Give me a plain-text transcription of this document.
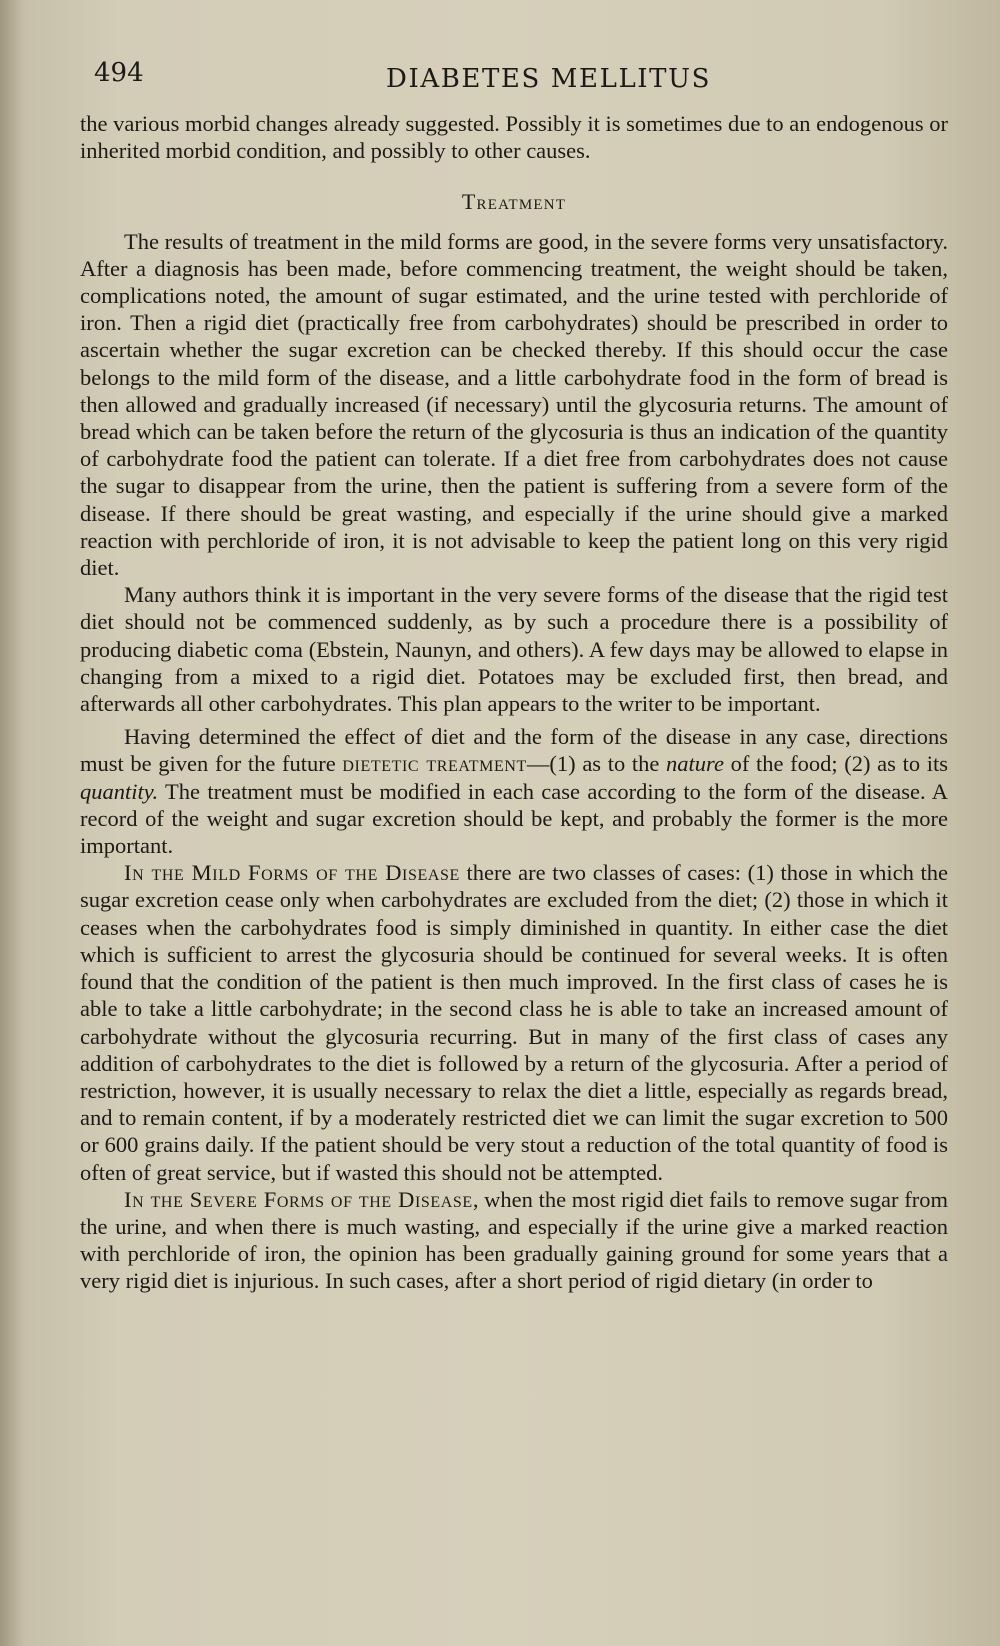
494	DIABETES MELLITUS

the various morbid changes already suggested. Possibly it is sometimes due to an endogenous or inherited morbid condition, and possibly to other causes.

Treatment

The results of treatment in the mild forms are good, in the severe forms very unsatisfactory. After a diagnosis has been made, before commencing treatment, the weight should be taken, complications noted, the amount of sugar estimated, and the urine tested with perchloride of iron. Then a rigid diet (practically free from carbohydrates) should be prescribed in order to ascertain whether the sugar excretion can be checked thereby. If this should occur the case belongs to the mild form of the disease, and a little carbohydrate food in the form of bread is then allowed and gradually increased (if necessary) until the glycosuria returns. The amount of bread which can be taken before the return of the glycosuria is thus an indication of the quantity of carbohydrate food the patient can tolerate. If a diet free from carbohydrates does not cause the sugar to disappear from the urine, then the patient is suffering from a severe form of the disease. If there should be great wasting, and especially if the urine should give a marked reaction with perchloride of iron, it is not advisable to keep the patient long on this very rigid diet.

Many authors think it is important in the very severe forms of the disease that the rigid test diet should not be commenced suddenly, as by such a procedure there is a possibility of producing diabetic coma (Ebstein, Naunyn, and others). A few days may be allowed to elapse in changing from a mixed to a rigid diet. Potatoes may be excluded first, then bread, and afterwards all other carbohydrates. This plan appears to the writer to be important.

Having determined the effect of diet and the form of the disease in any case, directions must be given for the future dietetic treatment—(1) as to the nature of the food; (2) as to its quantity. The treatment must be modified in each case according to the form of the disease. A record of the weight and sugar excretion should be kept, and probably the former is the more important.

In the Mild Forms of the Disease there are two classes of cases: (1) those in which the sugar excretion cease only when carbohydrates are excluded from the diet; (2) those in which it ceases when the carbohydrates food is simply diminished in quantity. In either case the diet which is sufficient to arrest the glycosuria should be continued for several weeks. It is often found that the condition of the patient is then much improved. In the first class of cases he is able to take a little carbohydrate; in the second class he is able to take an increased amount of carbohydrate without the glycosuria recurring. But in many of the first class of cases any addition of carbohydrates to the diet is followed by a return of the glycosuria. After a period of restriction, however, it is usually necessary to relax the diet a little, especially as regards bread, and to remain content, if by a moderately restricted diet we can limit the sugar excretion to 500 or 600 grains daily. If the patient should be very stout a reduction of the total quantity of food is often of great service, but if wasted this should not be attempted.

In the Severe Forms of the Disease, when the most rigid diet fails to remove sugar from the urine, and when there is much wasting, and especially if the urine give a marked reaction with perchloride of iron, the opinion has been gradually gaining ground for some years that a very rigid diet is injurious. In such cases, after a short period of rigid dietary (in order to
